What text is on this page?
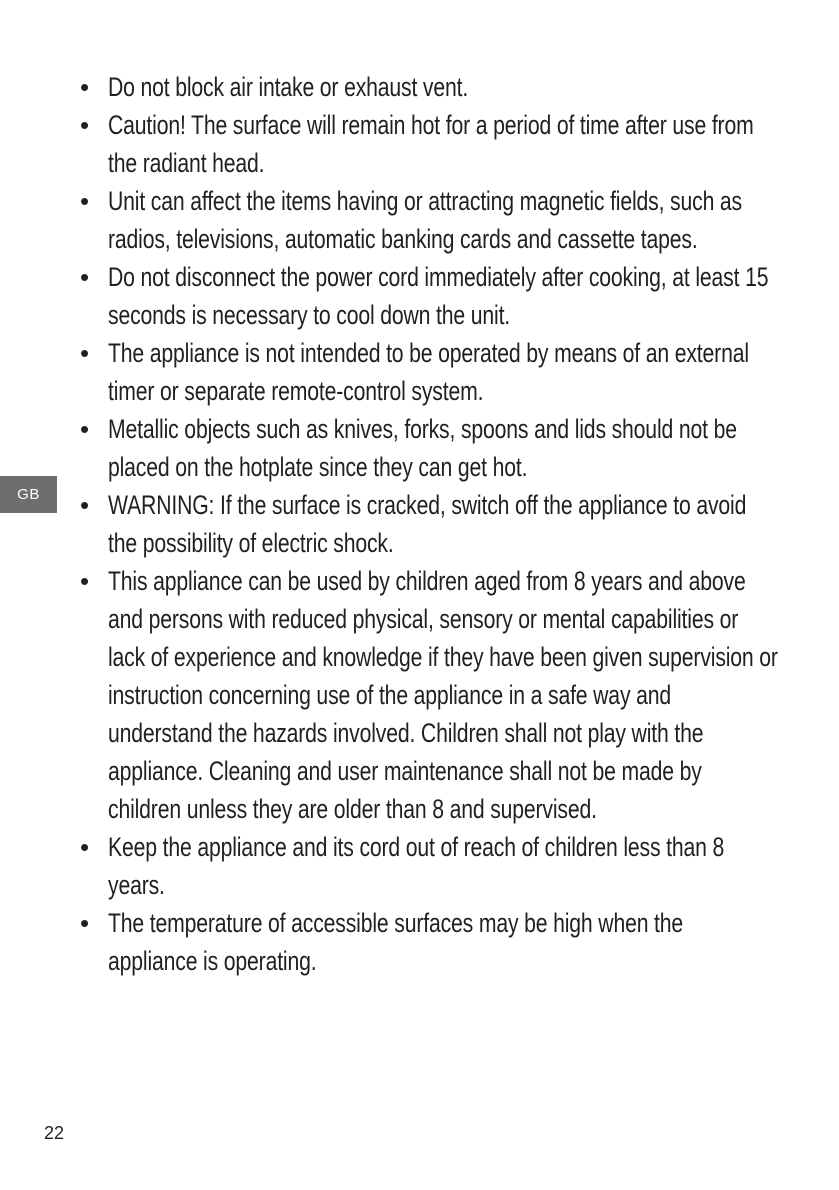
• Do not block air intake or exhaust vent.
• Caution! The surface will remain hot for a period of time after use from the radiant head.
• Unit can affect the items having or attracting magnetic fields, such as radios, televisions, automatic banking cards and cassette tapes.
• Do not disconnect the power cord immediately after cooking, at least 15 seconds is necessary to cool down the unit.
• The appliance is not intended to be operated by means of an external timer or separate remote-control system.
• Metallic objects such as knives, forks, spoons and lids should not be placed on the hotplate since they can get hot.
• WARNING: If the surface is cracked, switch off the appliance to avoid the possibility of electric shock.
• This appliance can be used by children aged from 8 years and above and persons with reduced physical, sensory or mental capabilities or lack of experience and knowledge if they have been given supervision or instruction concerning use of the appliance in a safe way and understand the hazards involved. Children shall not play with the appliance. Cleaning and user maintenance shall not be made by children unless they are older than 8 and supervised.
• Keep the appliance and its cord out of reach of children less than 8 years.
• The temperature of accessible surfaces may be high when the appliance is operating.
GB
22
